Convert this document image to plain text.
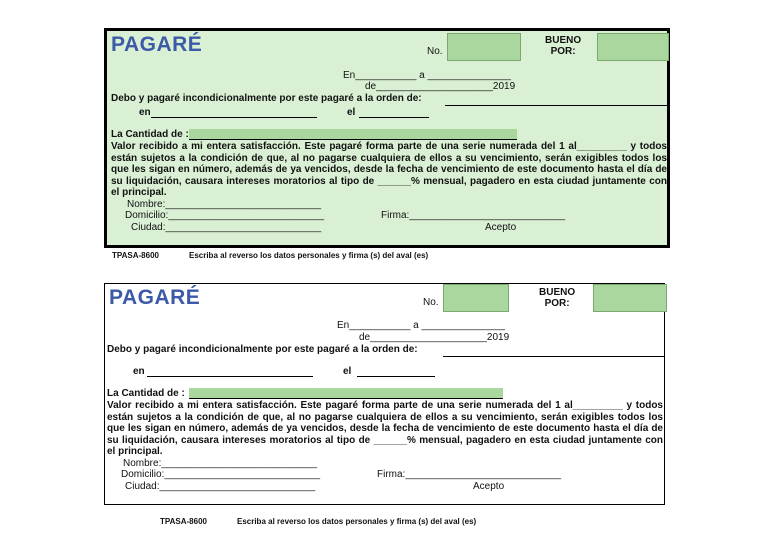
PAGARÉ	No.
BUENO
POR:
En___________ a _______________
de_____________________2019
Debo y pagaré incondicionalmente por este pagaré a la orden de:
en	el
La Cantidad de :
Valor recibido a mi entera satisfacción. Este pagaré forma parte de una serie numerada del 1 al_________ y todos están sujetos a la condición de que, al no pagarse cualquiera de ellos a su vencimiento, serán exigibles todos los que les sigan en número, además de ya vencidos, desde la fecha de vencimiento de este documento hasta el día de su liquidación, causara intereses moratorios al tipo de ______% mensual, pagadero en esta ciudad juntamente con el principal.
Nombre:____________________________
Domicilio:____________________________
Ciudad:____________________________
Firma:____________________________
Acepto
TPASA-8600	Escriba al reverso los datos personales y firma (s) del aval (es)
PAGARÉ	No.
BUENO
POR:
En___________ a _______________
de_____________________2019
Debo y pagaré incondicionalmente por este pagaré a la orden de:
en	el
La Cantidad de :
Valor recibido a mi entera satisfacción. Este pagaré forma parte de una serie numerada del 1 al_________ y todos están sujetos a la condición de que, al no pagarse cualquiera de ellos a su vencimiento, serán exigibles todos los que les sigan en número, además de ya vencidos, desde la fecha de vencimiento de este documento hasta el día de su liquidación, causara intereses moratorios al tipo de ______% mensual, pagadero en esta ciudad juntamente con el principal.
Nombre:____________________________
Domicilio:____________________________
Ciudad:____________________________
Firma:____________________________
Acepto
TPASA-8600	Escriba al reverso los datos personales y firma (s) del aval (es)
